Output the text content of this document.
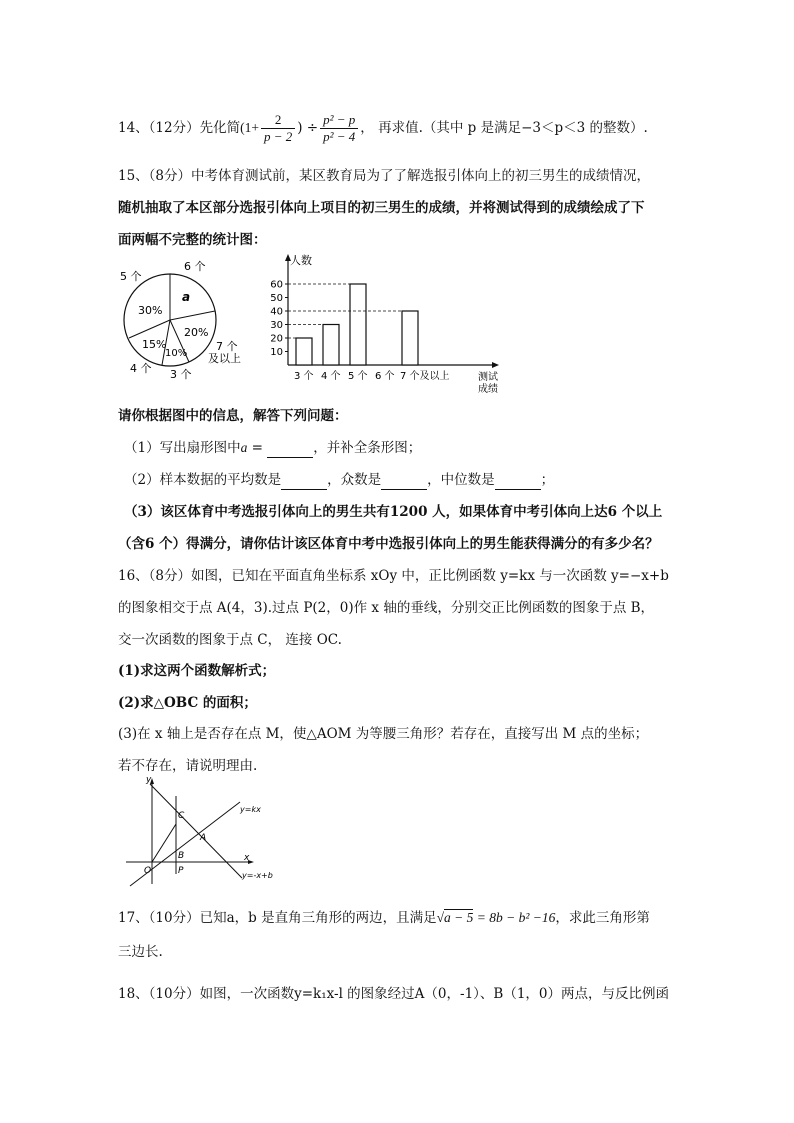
14、（12分）先化简($1+ \frac{2}{p - 2}$ ) ÷ $\frac{\text{p² − p}}{\text{p² − 4}}$ ， 再求值.（其中 p 是满足−3＜p＜3 的整数）.
15、（8分）中考体育测试前，某区教育局为了了解选报引体向上的初三男生的成绩情况，
随机抽取了本区部分选报引体向上项目的初三男生的成绩，并将测试得到的成绩绘成了下
面两幅不完整的统计图：
30%
a
20%
10%
15%
5 个
6 个
7 个
及以上
4 个 3 个
人数
测试
成绩
10
20
30
40
50
60
3 个 4 个 5 个 6 个 7 个及以上
请你根据图中的信息，解答下列问题：
（1）写出扇形图中a =	，并补全条形图；
（2）样本数据的平均数是	，众数是	，中位数是	；
（3）该区体育中考选报引体向上的男生共有1200 人，如果体育中考引体向上达6 个以上
（含6 个）得满分，请你估计该区体育中考中选报引体向上的男生能获得满分的有多少名？
16、（8分）如图，已知在平面直角坐标系 xOy 中，正比例函数 y=kx 与一次函数 y=−x+b
的图象相交于点 A(4，3).过点 P(2，0)作 x 轴的垂线，分别交正比例函数的图象于点 B，
交一次函数的图象于点 C， 连接 OC.
(1)求这两个函数解析式；
(2)求△OBC 的面积；
(3)在 x 轴上是否存在点 M，使△AOM 为等腰三角形？若存在，直接写出 M 点的坐标；
若不存在，请说明理由.
y
x
O	P
C
B
A
y=kx
y=-x+b
17、（10分）已知a，b 是直角三角形的两边，且满足√a − 5 = 8b − b² −16，求此三角形第
三边长.
18、（10分）如图，一次函数y=k₁x-l 的图象经过A（0，-1）、B（1，0）两点，与反比例函
